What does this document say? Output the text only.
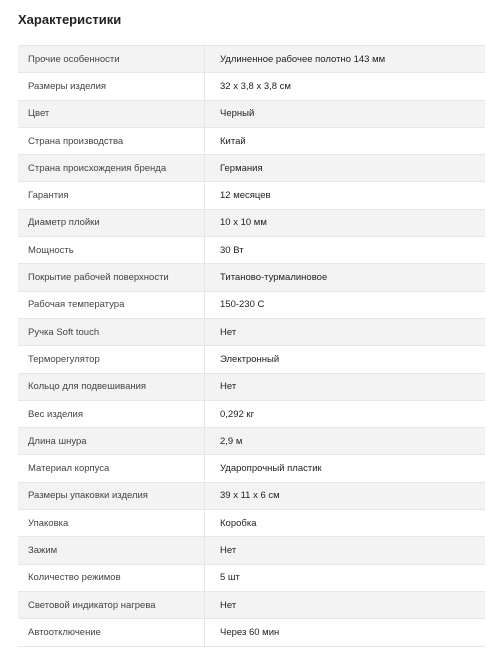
Характеристики
Прочие особенности	Удлиненное рабочее полотно 143 мм
Размеры изделия	32 x 3,8 x 3,8 см
Цвет	Черный
Страна производства	Китай
Страна происхождения бренда	Германия
Гарантия	12 месяцев
Диаметр плойки	10 x 10 мм
Мощность	30 Вт
Покрытие рабочей поверхности	Титаново-турмалиновое
Рабочая температура	150-230 С
Ручка Soft touch	Нет
Терморегулятор	Электронный
Кольцо для подвешивания	Нет
Вес изделия	0,292 кг
Длина шнура	2,9 м
Материал корпуса	Ударопрочный пластик
Размеры упаковки изделия	39 x 11 x 6 см
Упаковка	Коробка
Зажим	Нет
Количество режимов	5 шт
Световой индикатор нагрева	Нет
Автоотключение	Через 60 мин
